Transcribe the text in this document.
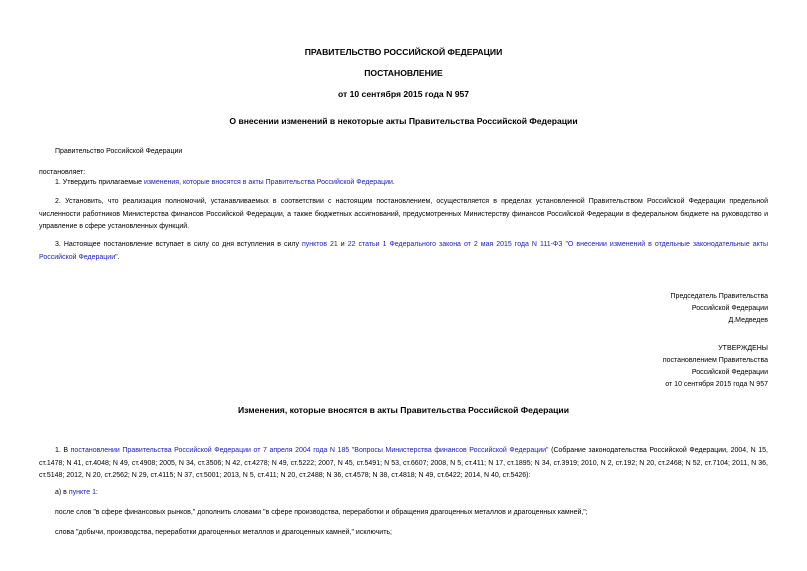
ПРАВИТЕЛЬСТВО РОССИЙСКОЙ ФЕДЕРАЦИИ
ПОСТАНОВЛЕНИЕ
от 10 сентября 2015 года N 957
О внесении изменений в некоторые акты Правительства Российской Федерации
Правительство Российской Федерации
постановляет:
1. Утвердить прилагаемые изменения, которые вносятся в акты Правительства Российской Федерации.
2. Установить, что реализация полномочий, устанавливаемых в соответствии с настоящим постановлением, осуществляется в пределах установленной Правительством Российской Федерации предельной численности работников Министерства финансов Российской Федерации, а также бюджетных ассигнований, предусмотренных Министерству финансов Российской Федерации в федеральном бюджете на руководство и управление в сфере установленных функций.
3. Настоящее постановление вступает в силу со дня вступления в силу пунктов 21 и 22 статьи 1 Федерального закона от 2 мая 2015 года N 111-ФЗ "О внесении изменений в отдельные законодательные акты Российской Федерации".
Председатель Правительства
Российской Федерации
Д.Медведев
УТВЕРЖДЕНЫ
постановлением Правительства
Российской Федерации
от 10 сентября 2015 года N 957
Изменения, которые вносятся в акты Правительства Российской Федерации
1. В постановлении Правительства Российской Федерации от 7 апреля 2004 года N 185 "Вопросы Министерства финансов Российской Федерации" (Собрание законодательства Российской Федерации, 2004, N 15, ст.1478; N 41, ст.4048; N 49, ст.4908; 2005, N 34, ст.3506; N 42, ст.4278; N 49, ст.5222; 2007, N 45, ст.5491; N 53, ст.6607; 2008, N 5, ст.411; N 17, ст.1895; N 34, ст.3919; 2010, N 2, ст.192; N 20, ст.2468; N 52, ст.7104; 2011, N 36, ст.5148; 2012, N 20, ст.2562; N 29, ст.4115; N 37, ст.5001; 2013, N 5, ст.411; N 20, ст.2488; N 36, ст.4578; N 38, ст.4818; N 49, ст.6422; 2014, N 40, ст.5426):
а) в пункте 1:
после слов "в сфере финансовых рынков," дополнить словами "в сфере производства, переработки и обращения драгоценных металлов и драгоценных камней,";
слова "добычи, производства, переработки драгоценных металлов и драгоценных камней," исключить;
